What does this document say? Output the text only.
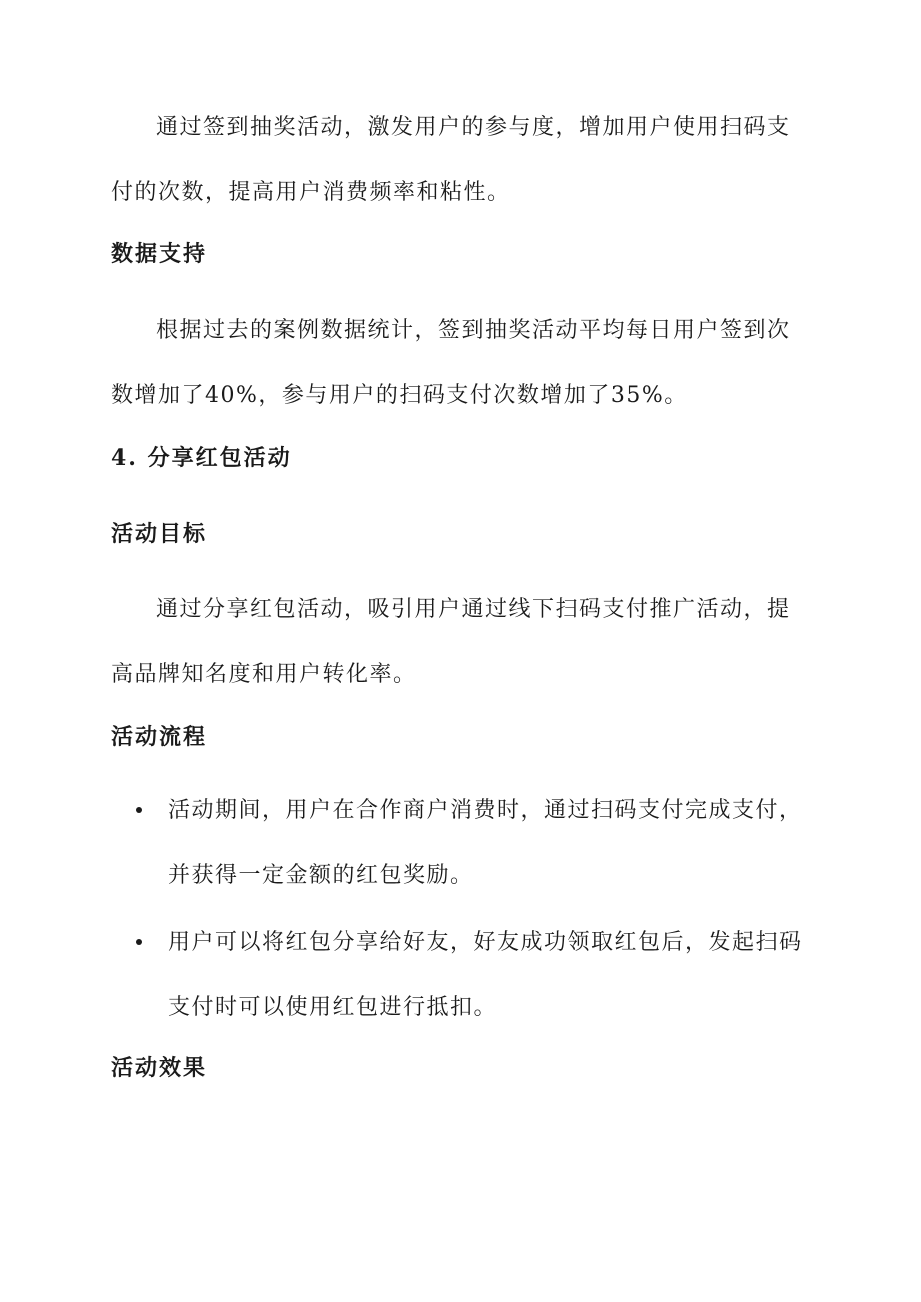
通过签到抽奖活动，激发用户的参与度，增加用户使用扫码支付的次数，提高用户消费频率和粘性。

数据支持

根据过去的案例数据统计，签到抽奖活动平均每日用户签到次数增加了40%，参与用户的扫码支付次数增加了35%。

4. 分享红包活动
活动目标

通过分享红包活动，吸引用户通过线下扫码支付推广活动，提高品牌知名度和用户转化率。

活动流程
活动期间，用户在合作商户消费时，通过扫码支付完成支付，并获得一定金额的红包奖励。
用户可以将红包分享给好友，好友成功领取红包后，发起扫码支付时可以使用红包进行抵扣。
活动效果
